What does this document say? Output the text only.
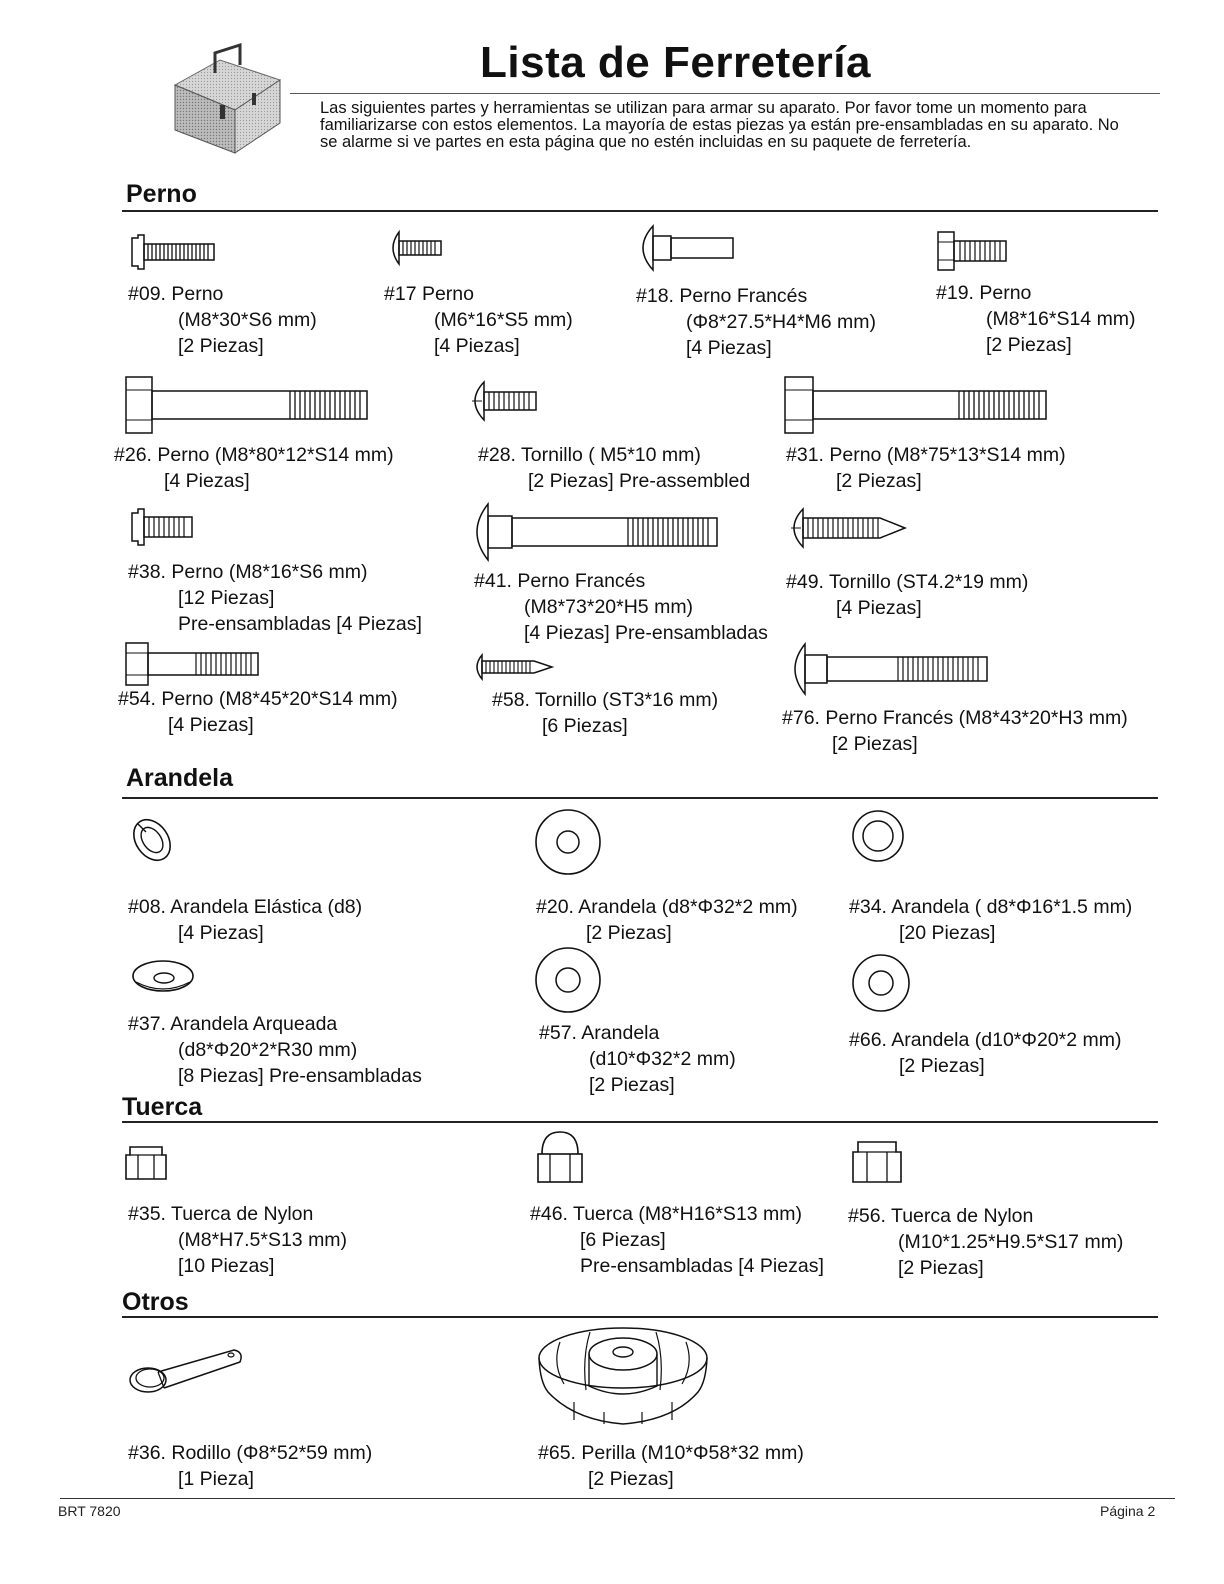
Lista de Ferretería
Las siguientes partes y herramientas se utilizan para armar su aparato. Por favor tome un momento para familiarizarse con estos elementos. La mayoría de estas piezas ya están pre-ensambladas en su aparato. No se alarme si ve partes en esta página que no estén incluidas en su paquete de ferretería.
Perno
#09. Perno
(M8*30*S6 mm)
[2 Piezas]
#17 Perno
(M6*16*S5 mm)
[4 Piezas]
#18. Perno Francés
(Φ8*27.5*H4*M6 mm)
[4 Piezas]
#19. Perno
(M8*16*S14 mm)
[2 Piezas]
#26. Perno (M8*80*12*S14 mm)
[4 Piezas]
#28. Tornillo ( M5*10 mm)
[2 Piezas] Pre-assembled
#31. Perno (M8*75*13*S14 mm)
[2 Piezas]
#38. Perno (M8*16*S6 mm)
[12 Piezas]
Pre-ensambladas [4 Piezas]
#41. Perno Francés
(M8*73*20*H5 mm)
[4 Piezas] Pre-ensambladas
#49. Tornillo (ST4.2*19 mm)
[4 Piezas]
#54. Perno (M8*45*20*S14 mm)
[4 Piezas]
#58. Tornillo (ST3*16 mm)
[6 Piezas]	#76. Perno Francés (M8*43*20*H3 mm)
[2 Piezas]
Arandela
#08. Arandela Elástica (d8)
[4 Piezas]
#20. Arandela (d8*Φ32*2 mm)
[2 Piezas]
#34. Arandela ( d8*Φ16*1.5 mm)
[20 Piezas]
#37. Arandela Arqueada
(d8*Φ20*2*R30 mm)
[8 Piezas] Pre-ensambladas
#57. Arandela
(d10*Φ32*2 mm)
[2 Piezas]
#66. Arandela (d10*Φ20*2 mm)
[2 Piezas]
Tuerca
#35. Tuerca de Nylon
(M8*H7.5*S13 mm)
[10 Piezas]
#46. Tuerca (M8*H16*S13 mm)
[6 Piezas]
Pre-ensambladas [4 Piezas]
#56. Tuerca de Nylon
(M10*1.25*H9.5*S17 mm)
[2 Piezas]
Otros
#36. Rodillo (Φ8*52*59 mm)
[1 Pieza]
#65. Perilla (M10*Φ58*32 mm)
[2 Piezas]
BRT 7820	Página 2
